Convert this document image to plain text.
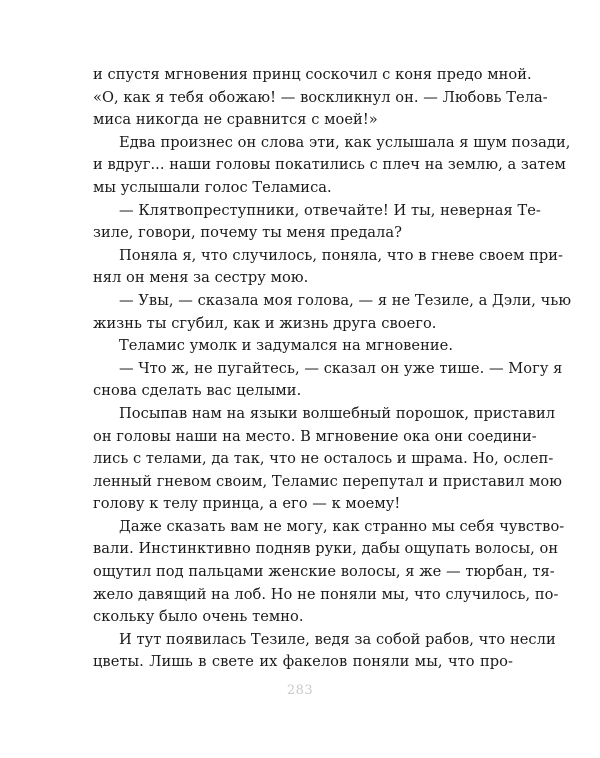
и спустя мгновения принц соскочил с коня предо мной.
«О, как я тебя обожаю! — воскликнул он. — Любовь Тела-
миса никогда не сравнится с моей!»
Едва произнес он слова эти, как услышала я шум позади,
и вдруг... наши головы покатились с плеч на землю, а затем
мы услышали голос Теламиса.
— Клятвопреступники, отвечайте! И ты, неверная Те-
зиле, говори, почему ты меня предала?
Поняла я, что случилось, поняла, что в гневе своем при-
нял он меня за сестру мою.
— Увы, — сказала моя голова, — я не Тезиле, а Дэли, чью
жизнь ты сгубил, как и жизнь друга своего.
Теламис умолк и задумался на мгновение.
— Что ж, не пугайтесь, — сказал он уже тише. — Могу я
снова сделать вас целыми.
Посыпав нам на языки волшебный порошок, приставил
он головы наши на место. В мгновение ока они соедини-
лись с телами, да так, что не осталось и шрама. Но, ослеп-
ленный гневом своим, Теламис перепутал и приставил мою
голову к телу принца, а его — к моему!
Даже сказать вам не могу, как странно мы себя чувство-
вали. Инстинктивно подняв руки, дабы ощупать волосы, он
ощутил под пальцами женские волосы, я же — тюрбан, тя-
жело давящий на лоб. Но не поняли мы, что случилось, по-
скольку было очень темно.
И тут появилась Тезиле, ведя за собой рабов, что несли
цветы. Лишь в свете их факелов поняли мы, что про-
283
